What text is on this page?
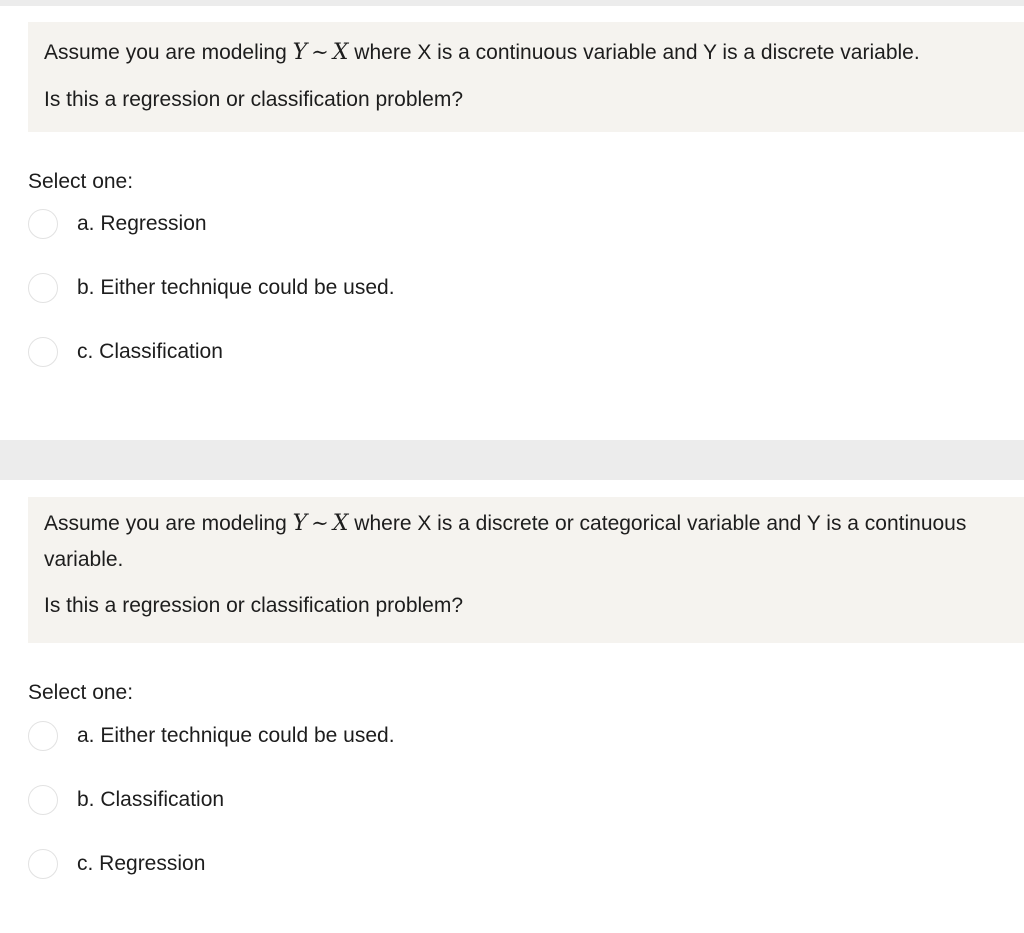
Assume you are modeling Y ∼ X where X is a continuous variable and Y is a discrete variable.

Is this a regression or classification problem?

Select one:

a. Regression
b. Either technique could be used.
c. Classification

Assume you are modeling Y ∼ X where X is a discrete or categorical variable and Y is a continuous variable.

Is this a regression or classification problem?

Select one:

a. Either technique could be used.
b. Classification
c. Regression
